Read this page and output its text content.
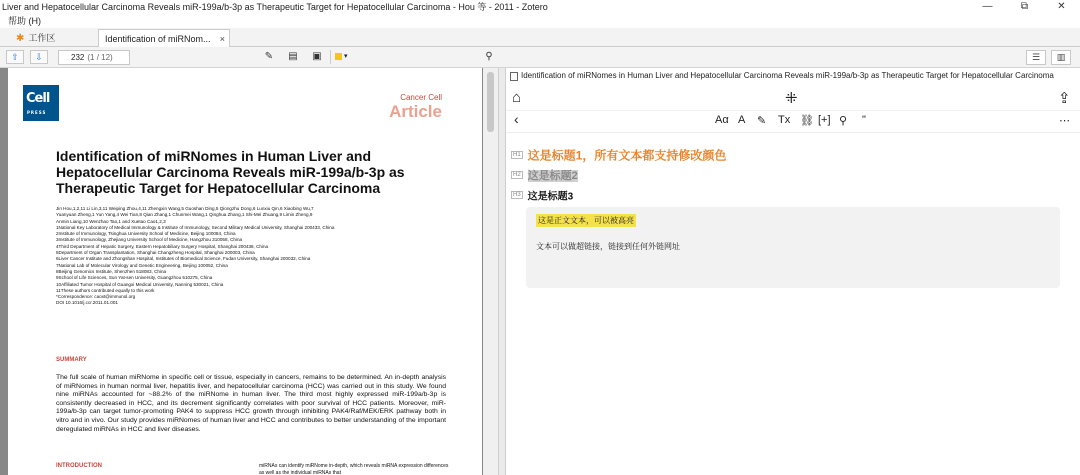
Liver and Hepatocellular Carcinoma Reveals miR-199a/b-3p as Therapeutic Target for Hepatocellular Carcinoma - Hou 等 - 2011 - Zotero	—	⧉	✕
帮助 (H)
✱ 工作区	Identification of miRNom... ×
⇧	⇩	232 (1 / 12)	✎	▤	▣	▾	⚲	☰	▥
Cell
PRESS
Cancer Cell
Article
Identification of miRNomes in Human Liver and Hepatocellular Carcinoma Reveals miR-199a/b-3p as Therapeutic Target for Hepatocellular Carcinoma
Jin Hou,1,2,11 Li Lin,3,11 Weiping Zhou,4,11 Zhengxin Wang,5 Guoshan Ding,5 Qiongzhu Dong,6 Lunxiu Qin,6 Xiaobing Wu,7
Yuanyuan Zheng,1 Yun Yang,4 Wei Tian,8 Qian Zhang,1 Chunmei Wang,1 Qinghua Zhang,1 Shi-Mei Zhuang,9 Limin Zheng,9
Anmin Liang,10 Wenzhao Tao,1 and Xuetao Cao1,2,3
1National Key Laboratory of Medical Immunology & Institute of Immunology, Second Military Medical University, Shanghai 200433, China
2Institute of Immunology, Tsinghua University School of Medicine, Beijing 100084, China
3Institute of Immunology, Zhejiang University School of Medicine, Hangzhou 310058, China
4Third Department of Hepatic Surgery, Eastern Hepatobiliary Surgery Hospital, Shanghai 200438, China
5Department of Organ Transplantation, Shanghai Changzheng Hospital, Shanghai 200003, China
6Liver Cancer Institute and Zhongshan Hospital, Institutes of Biomedical Science, Fudan University, Shanghai 200032, China
7National Lab of Molecular Virology and Genetic Engineering, Beijing 100052, China
8Beijing Genomics Institute, Shenzhen 518083, China
9School of Life Sciences, Sun Yat-sen University, Guangzhou 510275, China
10Affiliated Tumor Hospital of Guangxi Medical University, Nanning 530021, China
11These authors contributed equally to this work
*Correspondence: caoxt@immunol.org
DOI 10.1016/j.ccr.2011.01.001
SUMMARY
The full scale of human miRNome in specific cell or tissue, especially in cancers, remains to be determined. An in-depth analysis of miRNomes in human normal liver, hepatitis liver, and hepatocellular carcinoma (HCC) was carried out in this study. We found nine miRNAs accounted for ~88.2% of the miRNome in human liver. The third most highly expressed miR-199a/b-3p is consistently decreased in HCC, and its decrement significantly correlates with poor survival of HCC patients. Moreover, miR-199a/b-3p can target tumor-promoting PAK4 to suppress HCC growth through inhibiting PAK4/Raf/MEK/ERK pathway both in vitro and in vivo. Our study provides miRNomes of human liver and HCC and contributes to better understanding of the important deregulated miRNAs in HCC and liver diseases.
INTRODUCTION	miRNAs can identify miRNome in-depth, which reveals miRNA expression differences as well as the individual miRNAs that
Identification of miRNomes in Human Liver and Hepatocellular Carcinoma Reveals miR-199a/b-3p as Therapeutic Target for Hepatocellular Carcinoma
⌂	⁜	⇪
‹	Aα A ✎ Tx ⛓ [+] ⚲ "	⋯
H1 这是标题1，所有文本都支持修改颜色
H2 这是标题2
H3 这是标题3
这是正文文本，可以被高亮
文本可以做超链接，链接到任何外链网址
